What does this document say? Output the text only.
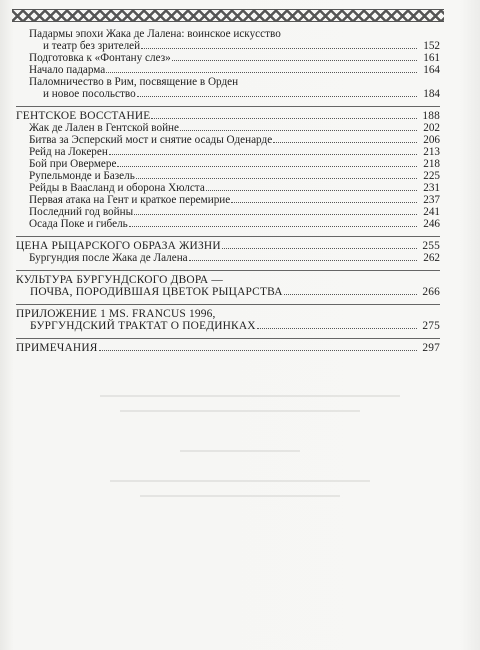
Падармы эпохи Жака де Лалена: воинское искусство
и театр без зрителей	152
Подготовка к «Фонтану слез»	161
Начало падарма	164
Паломничество в Рим, посвящение в Орден
и новое посольство	184
ГЕНТСКОЕ ВОССТАНИЕ	188
Жак де Лален в Гентской войне	202
Битва за Эсперский мост и снятие осады Оденарде	206
Рейд на Локерен	213
Бой при Овермере	218
Рупельмонде и Базель	225
Рейды в Ваасланд и оборона Хюлста	231
Первая атака на Гент и краткое перемирие	237
Последний год войны	241
Осада Поке и гибель	246
ЦЕНА РЫЦАРСКОГО ОБРАЗА ЖИЗНИ	255
Бургундия после Жака де Лалена	262
КУЛЬТУРА БУРГУНДСКОГО ДВОРА —
ПОЧВА, ПОРОДИВШАЯ ЦВЕТОК РЫЦАРСТВА	266
ПРИЛОЖЕНИЕ 1 MS. FRANCUS 1996,
БУРГУНДСКИЙ ТРАКТАТ О ПОЕДИНКАХ	275
ПРИМЕЧАНИЯ	297
